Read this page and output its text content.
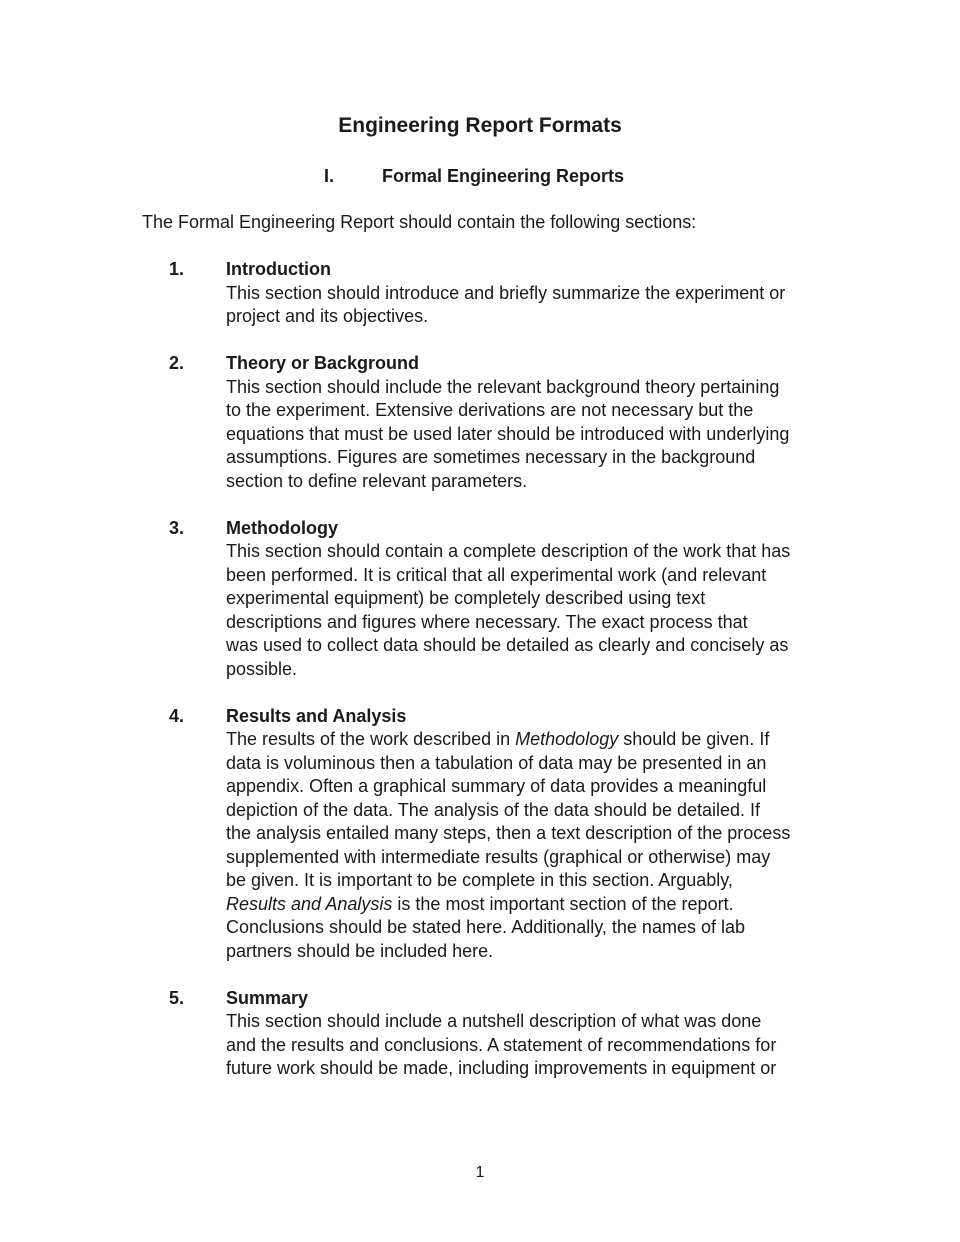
Engineering Report Formats
I.	Formal Engineering Reports
The Formal Engineering Report should contain the following sections:
1. Introduction
This section should introduce and briefly summarize the experiment or
project and its objectives.
2. Theory or Background
This section should include the relevant background theory pertaining
to the experiment. Extensive derivations are not necessary but the
equations that must be used later should be introduced with underlying
assumptions. Figures are sometimes necessary in the background
section to define relevant parameters.
3. Methodology
This section should contain a complete description of the work that has
been performed. It is critical that all experimental work (and relevant
experimental equipment) be completely described using text
descriptions and figures where necessary. The exact process that
was used to collect data should be detailed as clearly and concisely as
possible.
4. Results and Analysis
The results of the work described in Methodology should be given. If
data is voluminous then a tabulation of data may be presented in an
appendix. Often a graphical summary of data provides a meaningful
depiction of the data. The analysis of the data should be detailed. If
the analysis entailed many steps, then a text description of the process
supplemented with intermediate results (graphical or otherwise) may
be given. It is important to be complete in this section. Arguably,
Results and Analysis is the most important section of the report.
Conclusions should be stated here. Additionally, the names of lab
partners should be included here.
5. Summary
This section should include a nutshell description of what was done
and the results and conclusions. A statement of recommendations for
future work should be made, including improvements in equipment or
1
